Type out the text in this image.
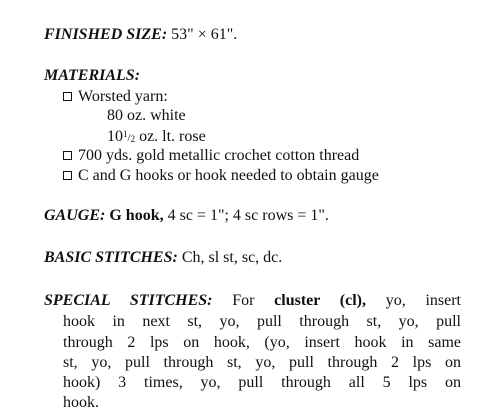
FINISHED SIZE: 53" × 61".
MATERIALS:
Worsted yarn:
80 oz. white
$10^1/_2$ oz. lt. rose
700 yds. gold metallic crochet cotton thread
C and G hooks or hook needed to obtain gauge
GAUGE: G hook, 4 sc = 1"; 4 sc rows = 1".
BASIC STITCHES: Ch, sl st, sc, dc.
SPECIAL STITCHES: For cluster (cl), yo, insert
hook in next st, yo, pull through st, yo, pull
through 2 lps on hook, (yo, insert hook in same
st, yo, pull through st, yo, pull through 2 lps on
hook) 3 times, yo, pull through all 5 lps on
hook.
